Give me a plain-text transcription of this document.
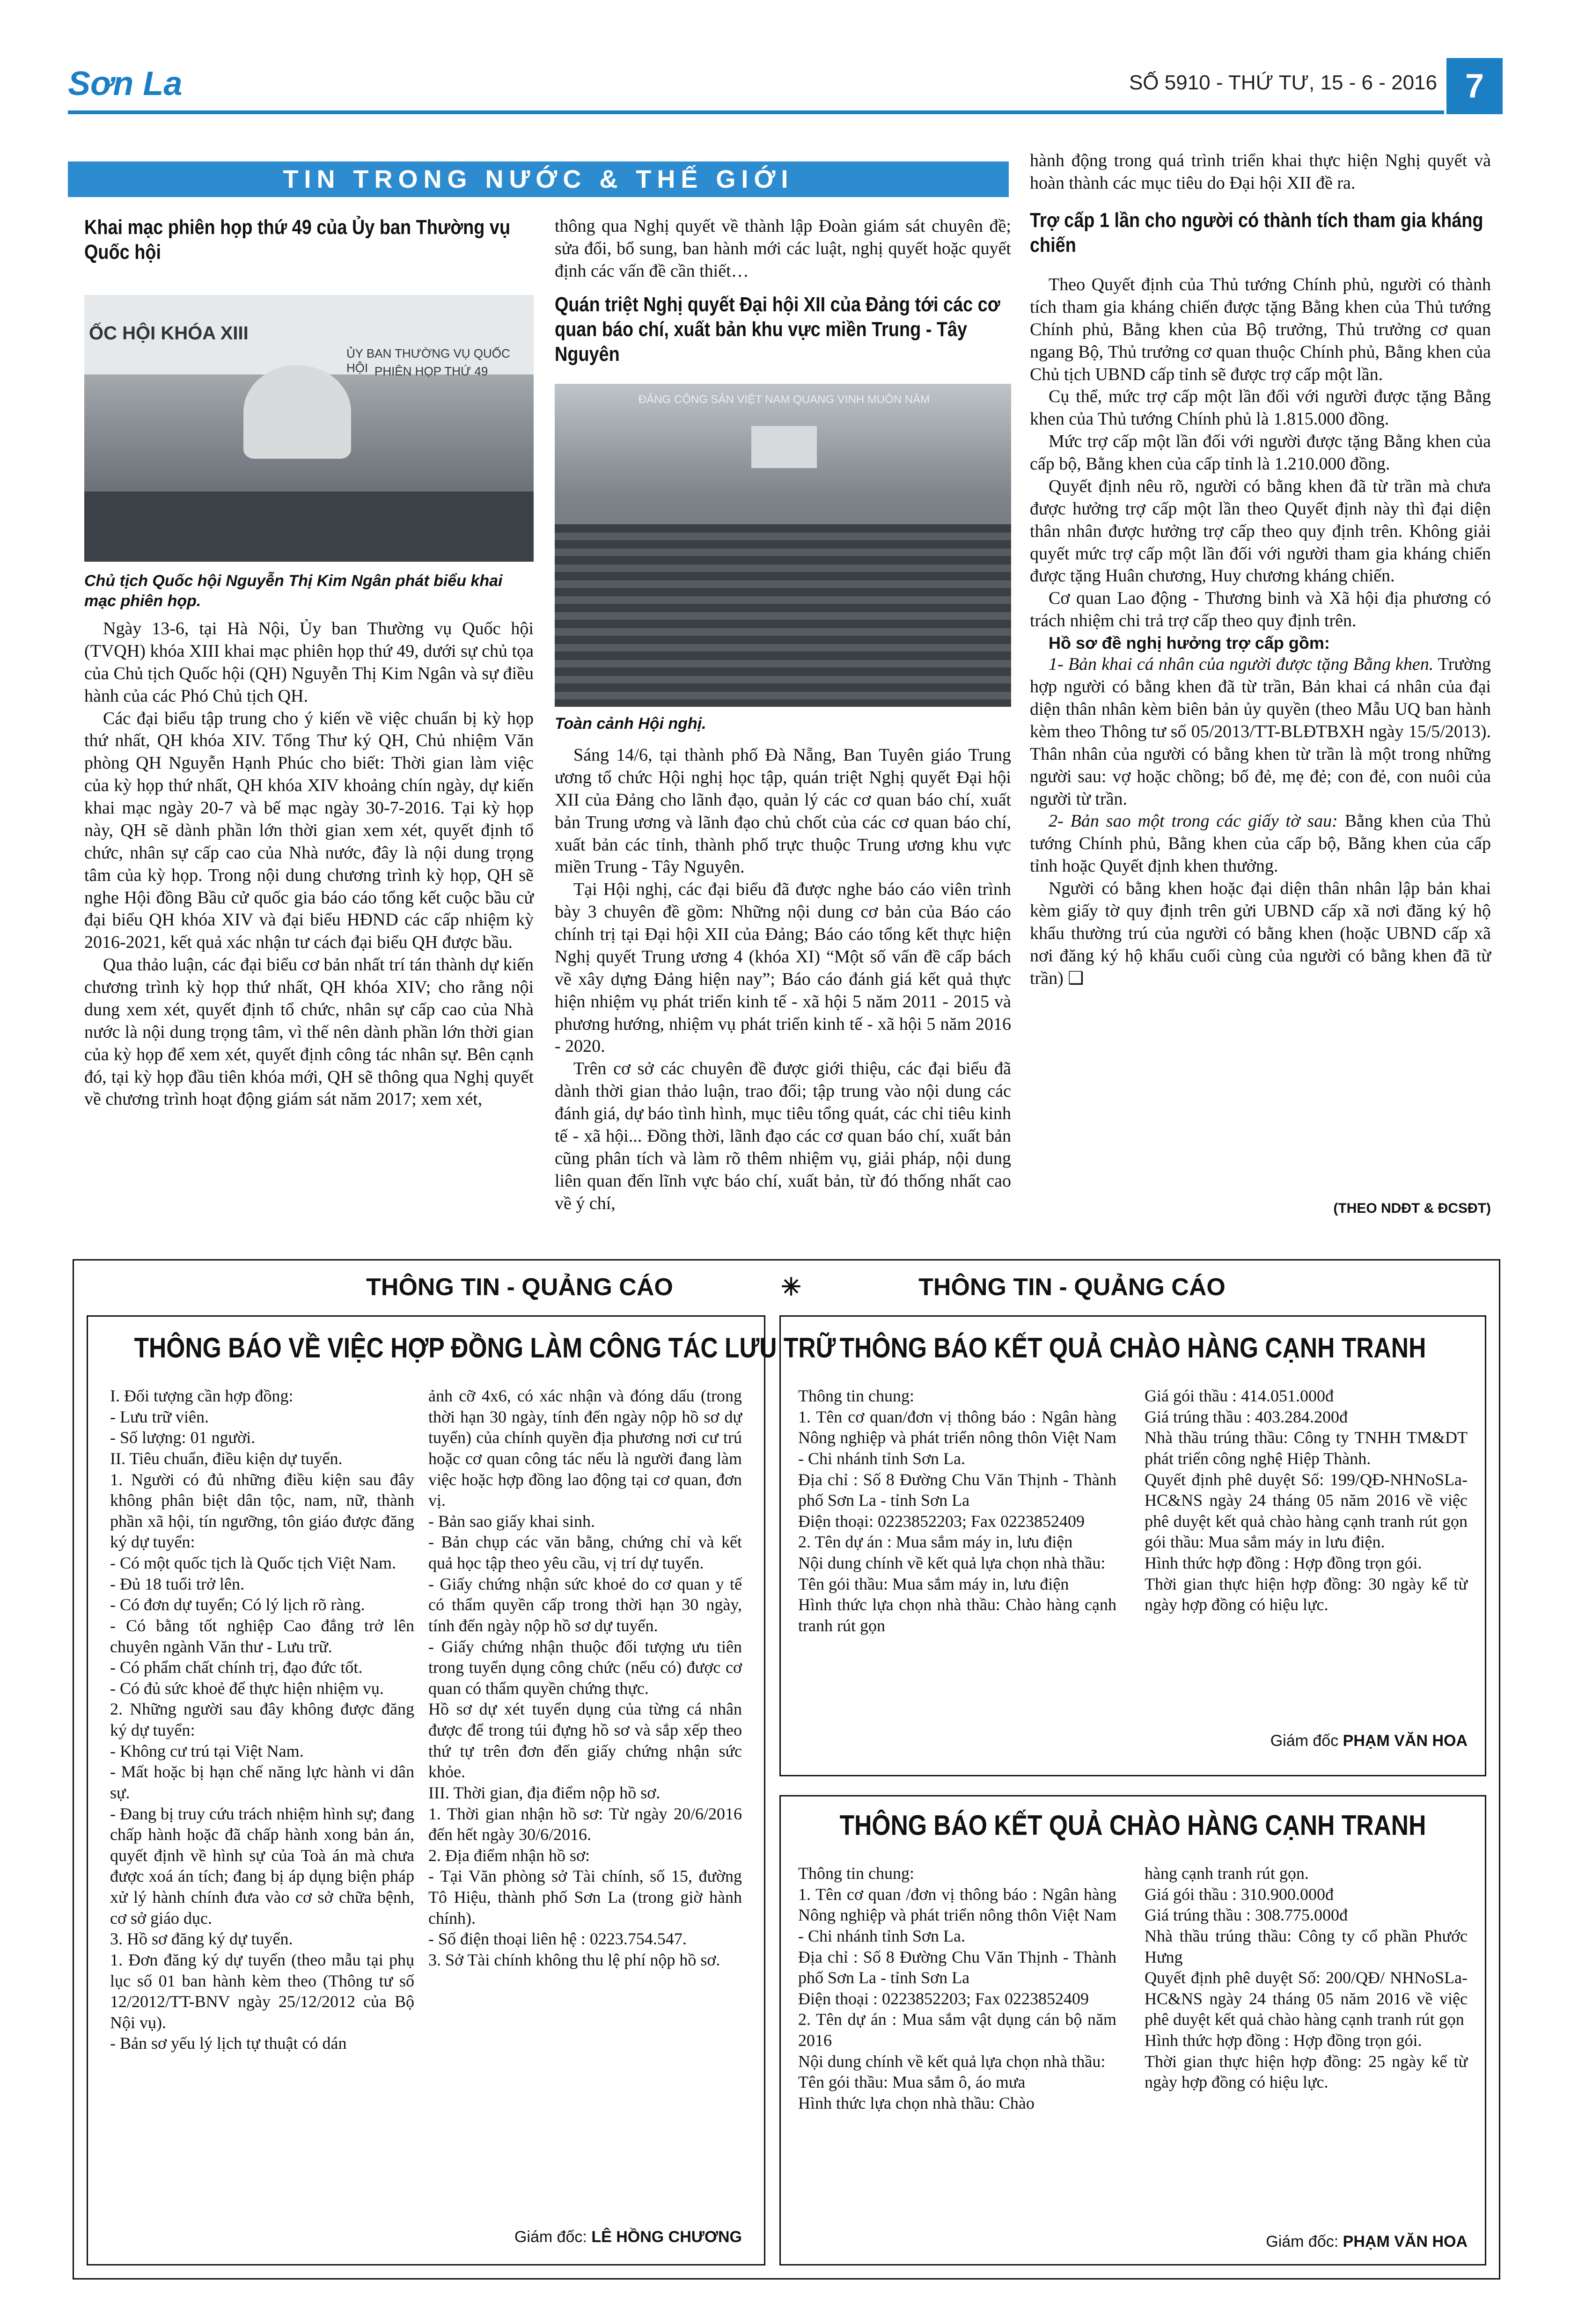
Sơn La	SỐ 5910 - THỨ TƯ, 15 - 6 - 2016 7
TIN TRONG NƯỚC & THẾ GIỚI
Khai mạc phiên họp thứ 49 của Ủy ban Thường vụ Quốc hội
ỐC HỘI KHÓA XIII
ỦY BAN THƯỜNG VỤ QUỐC HỘI PHIÊN HỌP THỨ 49
Chủ tịch Quốc hội Nguyễn Thị Kim Ngân phát biểu khai mạc phiên họp.

Ngày 13-6, tại Hà Nội, Ủy ban Thường vụ Quốc hội (TVQH) khóa XIII khai mạc phiên họp thứ 49, dưới sự chủ tọa của Chủ tịch Quốc hội (QH) Nguyễn Thị Kim Ngân và sự điều hành của các Phó Chủ tịch QH.

Các đại biểu tập trung cho ý kiến về việc chuẩn bị kỳ họp thứ nhất, QH khóa XIV. Tổng Thư ký QH, Chủ nhiệm Văn phòng QH Nguyễn Hạnh Phúc cho biết: Thời gian làm việc của kỳ họp thứ nhất, QH khóa XIV khoảng chín ngày, dự kiến khai mạc ngày 20-7 và bế mạc ngày 30-7-2016. Tại kỳ họp này, QH sẽ dành phần lớn thời gian xem xét, quyết định tổ chức, nhân sự cấp cao của Nhà nước, đây là nội dung trọng tâm của kỳ họp. Trong nội dung chương trình kỳ họp, QH sẽ nghe Hội đồng Bầu cử quốc gia báo cáo tổng kết cuộc bầu cử đại biểu QH khóa XIV và đại biểu HĐND các cấp nhiệm kỳ 2016-2021, kết quả xác nhận tư cách đại biểu QH được bầu.

Qua thảo luận, các đại biểu cơ bản nhất trí tán thành dự kiến chương trình kỳ họp thứ nhất, QH khóa XIV; cho rằng nội dung xem xét, quyết định tổ chức, nhân sự cấp cao của Nhà nước là nội dung trọng tâm, vì thế nên dành phần lớn thời gian của kỳ họp để xem xét, quyết định công tác nhân sự. Bên cạnh đó, tại kỳ họp đầu tiên khóa mới, QH sẽ thông qua Nghị quyết về chương trình hoạt động giám sát năm 2017; xem xét,

thông qua Nghị quyết về thành lập Đoàn giám sát chuyên đề; sửa đổi, bổ sung, ban hành mới các luật, nghị quyết hoặc quyết định các vấn đề cần thiết…

Quán triệt Nghị quyết Đại hội XII của Đảng tới các cơ quan báo chí, xuất bản khu vực miền Trung - Tây Nguyên
ĐẢNG CỘNG SẢN VIỆT NAM QUANG VINH MUÔN NĂM
Toàn cảnh Hội nghị.

Sáng 14/6, tại thành phố Đà Nẵng, Ban Tuyên giáo Trung ương tổ chức Hội nghị học tập, quán triệt Nghị quyết Đại hội XII của Đảng cho lãnh đạo, quản lý các cơ quan báo chí, xuất bản Trung ương và lãnh đạo chủ chốt của các cơ quan báo chí, xuất bản các tỉnh, thành phố trực thuộc Trung ương khu vực miền Trung - Tây Nguyên.

Tại Hội nghị, các đại biểu đã được nghe báo cáo viên trình bày 3 chuyên đề gồm: Những nội dung cơ bản của Báo cáo chính trị tại Đại hội XII của Đảng; Báo cáo tổng kết thực hiện Nghị quyết Trung ương 4 (khóa XI) “Một số vấn đề cấp bách về xây dựng Đảng hiện nay”; Báo cáo đánh giá kết quả thực hiện nhiệm vụ phát triển kinh tế - xã hội 5 năm 2011 - 2015 và phương hướng, nhiệm vụ phát triển kinh tế - xã hội 5 năm 2016 - 2020.

Trên cơ sở các chuyên đề được giới thiệu, các đại biểu đã dành thời gian thảo luận, trao đổi; tập trung vào nội dung các đánh giá, dự báo tình hình, mục tiêu tổng quát, các chỉ tiêu kinh tế - xã hội... Đồng thời, lãnh đạo các cơ quan báo chí, xuất bản cũng phân tích và làm rõ thêm nhiệm vụ, giải pháp, nội dung liên quan đến lĩnh vực báo chí, xuất bản, từ đó thống nhất cao về ý chí,

hành động trong quá trình triển khai thực hiện Nghị quyết và hoàn thành các mục tiêu do Đại hội XII đề ra.

Trợ cấp 1 lần cho người có thành tích tham gia kháng chiến

Theo Quyết định của Thủ tướng Chính phủ, người có thành tích tham gia kháng chiến được tặng Bằng khen của Thủ tướng Chính phủ, Bằng khen của Bộ trưởng, Thủ trưởng cơ quan ngang Bộ, Thủ trưởng cơ quan thuộc Chính phủ, Bằng khen của Chủ tịch UBND cấp tỉnh sẽ được trợ cấp một lần.

Cụ thể, mức trợ cấp một lần đối với người được tặng Bằng khen của Thủ tướng Chính phủ là 1.815.000 đồng.

Mức trợ cấp một lần đối với người được tặng Bằng khen của cấp bộ, Bằng khen của cấp tỉnh là 1.210.000 đồng.

Quyết định nêu rõ, người có bằng khen đã từ trần mà chưa được hưởng trợ cấp một lần theo Quyết định này thì đại diện thân nhân được hưởng trợ cấp theo quy định trên. Không giải quyết mức trợ cấp một lần đối với người tham gia kháng chiến được tặng Huân chương, Huy chương kháng chiến.

Cơ quan Lao động - Thương binh và Xã hội địa phương có trách nhiệm chi trả trợ cấp theo quy định trên.

Hồ sơ đề nghị hưởng trợ cấp gồm:

1- Bản khai cá nhân của người được tặng Bằng khen. Trường hợp người có bằng khen đã từ trần, Bản khai cá nhân của đại diện thân nhân kèm biên bản ủy quyền (theo Mẫu UQ ban hành kèm theo Thông tư số 05/2013/TT-BLĐTBXH ngày 15/5/2013). Thân nhân của người có bằng khen từ trần là một trong những người sau: vợ hoặc chồng; bố đẻ, mẹ đẻ; con đẻ, con nuôi của người từ trần.

2- Bản sao một trong các giấy tờ sau: Bằng khen của Thủ tướng Chính phủ, Bằng khen của cấp bộ, Bằng khen của cấp tỉnh hoặc Quyết định khen thưởng.

Người có bằng khen hoặc đại diện thân nhân lập bản khai kèm giấy tờ quy định trên gửi UBND cấp xã nơi đăng ký hộ khẩu thường trú của người có bằng khen (hoặc UBND cấp xã nơi đăng ký hộ khẩu cuối cùng của người có bằng khen đã từ trần) ❑

(THEO NDĐT & ĐCSĐT)
THÔNG TIN - QUẢNG CÁO	✳	THÔNG TIN - QUẢNG CÁO
THÔNG BÁO VỀ VIỆC HỢP ĐỒNG LÀM CÔNG TÁC LƯU TRỮ

I. Đối tượng cần hợp đồng:

- Lưu trữ viên.

- Số lượng: 01 người.

II. Tiêu chuẩn, điều kiện dự tuyển.

1. Người có đủ những điều kiện sau đây không phân biệt dân tộc, nam, nữ, thành phần xã hội, tín ngưỡng, tôn giáo được đăng ký dự tuyển:

- Có một quốc tịch là Quốc tịch Việt Nam.

- Đủ 18 tuổi trở lên.

- Có đơn dự tuyển; Có lý lịch rõ ràng.

- Có bằng tốt nghiệp Cao đẳng trở lên chuyên ngành Văn thư - Lưu trữ.

- Có phẩm chất chính trị, đạo đức tốt.

- Có đủ sức khoẻ để thực hiện nhiệm vụ.

2. Những người sau đây không được đăng ký dự tuyển:

- Không cư trú tại Việt Nam.

- Mất hoặc bị hạn chế năng lực hành vi dân sự.

- Đang bị truy cứu trách nhiệm hình sự; đang chấp hành hoặc đã chấp hành xong bản án, quyết định về hình sự của Toà án mà chưa được xoá án tích; đang bị áp dụng biện pháp xử lý hành chính đưa vào cơ sở chữa bệnh, cơ sở giáo dục.

3. Hồ sơ đăng ký dự tuyển.

1. Đơn đăng ký dự tuyển (theo mẫu tại phụ lục số 01 ban hành kèm theo (Thông tư số 12/2012/TT-BNV ngày 25/12/2012 của Bộ Nội vụ).

- Bản sơ yếu lý lịch tự thuật có dán

ảnh cỡ 4x6, có xác nhận và đóng dấu (trong thời hạn 30 ngày, tính đến ngày nộp hồ sơ dự tuyển) của chính quyền địa phương nơi cư trú hoặc cơ quan công tác nếu là người đang làm việc hoặc hợp đồng lao động tại cơ quan, đơn vị.

- Bản sao giấy khai sinh.

- Bản chụp các văn bằng, chứng chỉ và kết quả học tập theo yêu cầu, vị trí dự tuyển.

- Giấy chứng nhận sức khoẻ do cơ quan y tế có thẩm quyền cấp trong thời hạn 30 ngày, tính đến ngày nộp hồ sơ dự tuyển.

- Giấy chứng nhận thuộc đối tượng ưu tiên trong tuyển dụng công chức (nếu có) được cơ quan có thẩm quyền chứng thực.

Hồ sơ dự xét tuyển dụng của từng cá nhân được để trong túi đựng hồ sơ và sắp xếp theo thứ tự trên đơn đến giấy chứng nhận sức khỏe.

III. Thời gian, địa điểm nộp hồ sơ.

1. Thời gian nhận hồ sơ: Từ ngày 20/6/2016 đến hết ngày 30/6/2016.

2. Địa điểm nhận hồ sơ:

- Tại Văn phòng sở Tài chính, số 15, đường Tô Hiệu, thành phố Sơn La (trong giờ hành chính).

- Số điện thoại liên hệ : 0223.754.547.

3. Sở Tài chính không thu lệ phí nộp hồ sơ.

Giám đốc: LÊ HỒNG CHƯƠNG
THÔNG BÁO KẾT QUẢ CHÀO HÀNG CẠNH TRANH

Thông tin chung:

1. Tên cơ quan/đơn vị thông báo : Ngân hàng Nông nghiệp và phát triển nông thôn Việt Nam - Chi nhánh tỉnh Sơn La.

Địa chỉ : Số 8 Đường Chu Văn Thịnh - Thành phố Sơn La - tỉnh Sơn La

Điện thoại: 0223852203; Fax 0223852409

2. Tên dự án : Mua sắm máy in, lưu điện

Nội dung chính về kết quả lựa chọn nhà thầu:

Tên gói thầu: Mua sắm máy in, lưu điện

Hình thức lựa chọn nhà thầu: Chào hàng cạnh tranh rút gọn

Giá gói thầu : 414.051.000đ

Giá trúng thầu : 403.284.200đ

Nhà thầu trúng thầu: Công ty TNHH TM&DT phát triển công nghệ Hiệp Thành.

Quyết định phê duyệt Số: 199/QĐ-NHNoSLa-HC&NS ngày 24 tháng 05 năm 2016 về việc phê duyệt kết quả chào hàng cạnh tranh rút gọn gói thầu: Mua sắm máy in lưu điện.

Hình thức hợp đồng : Hợp đồng trọn gói.

Thời gian thực hiện hợp đồng: 30 ngày kể từ ngày hợp đồng có hiệu lực.

Giám đốc PHẠM VĂN HOA
THÔNG BÁO KẾT QUẢ CHÀO HÀNG CẠNH TRANH

Thông tin chung:

1. Tên cơ quan /đơn vị thông báo : Ngân hàng Nông nghiệp và phát triển nông thôn Việt Nam - Chi nhánh tỉnh Sơn La.

Địa chỉ : Số 8 Đường Chu Văn Thịnh - Thành phố Sơn La - tỉnh Sơn La

Điện thoại : 0223852203; Fax 0223852409

2. Tên dự án : Mua sắm vật dụng cán bộ năm 2016

Nội dung chính về kết quả lựa chọn nhà thầu:

Tên gói thầu: Mua sắm ô, áo mưa

Hình thức lựa chọn nhà thầu: Chào

hàng cạnh tranh rút gọn.

Giá gói thầu : 310.900.000đ

Giá trúng thầu : 308.775.000đ

Nhà thầu trúng thầu: Công ty cổ phần Phước Hưng

Quyết định phê duyệt Số: 200/QĐ/ NHNoSLa-HC&NS ngày 24 tháng 05 năm 2016 về việc phê duyệt kết quả chào hàng cạnh tranh rút gọn

Hình thức hợp đồng : Hợp đồng trọn gói.

Thời gian thực hiện hợp đồng: 25 ngày kể từ ngày hợp đồng có hiệu lực.

Giám đốc: PHẠM VĂN HOA
